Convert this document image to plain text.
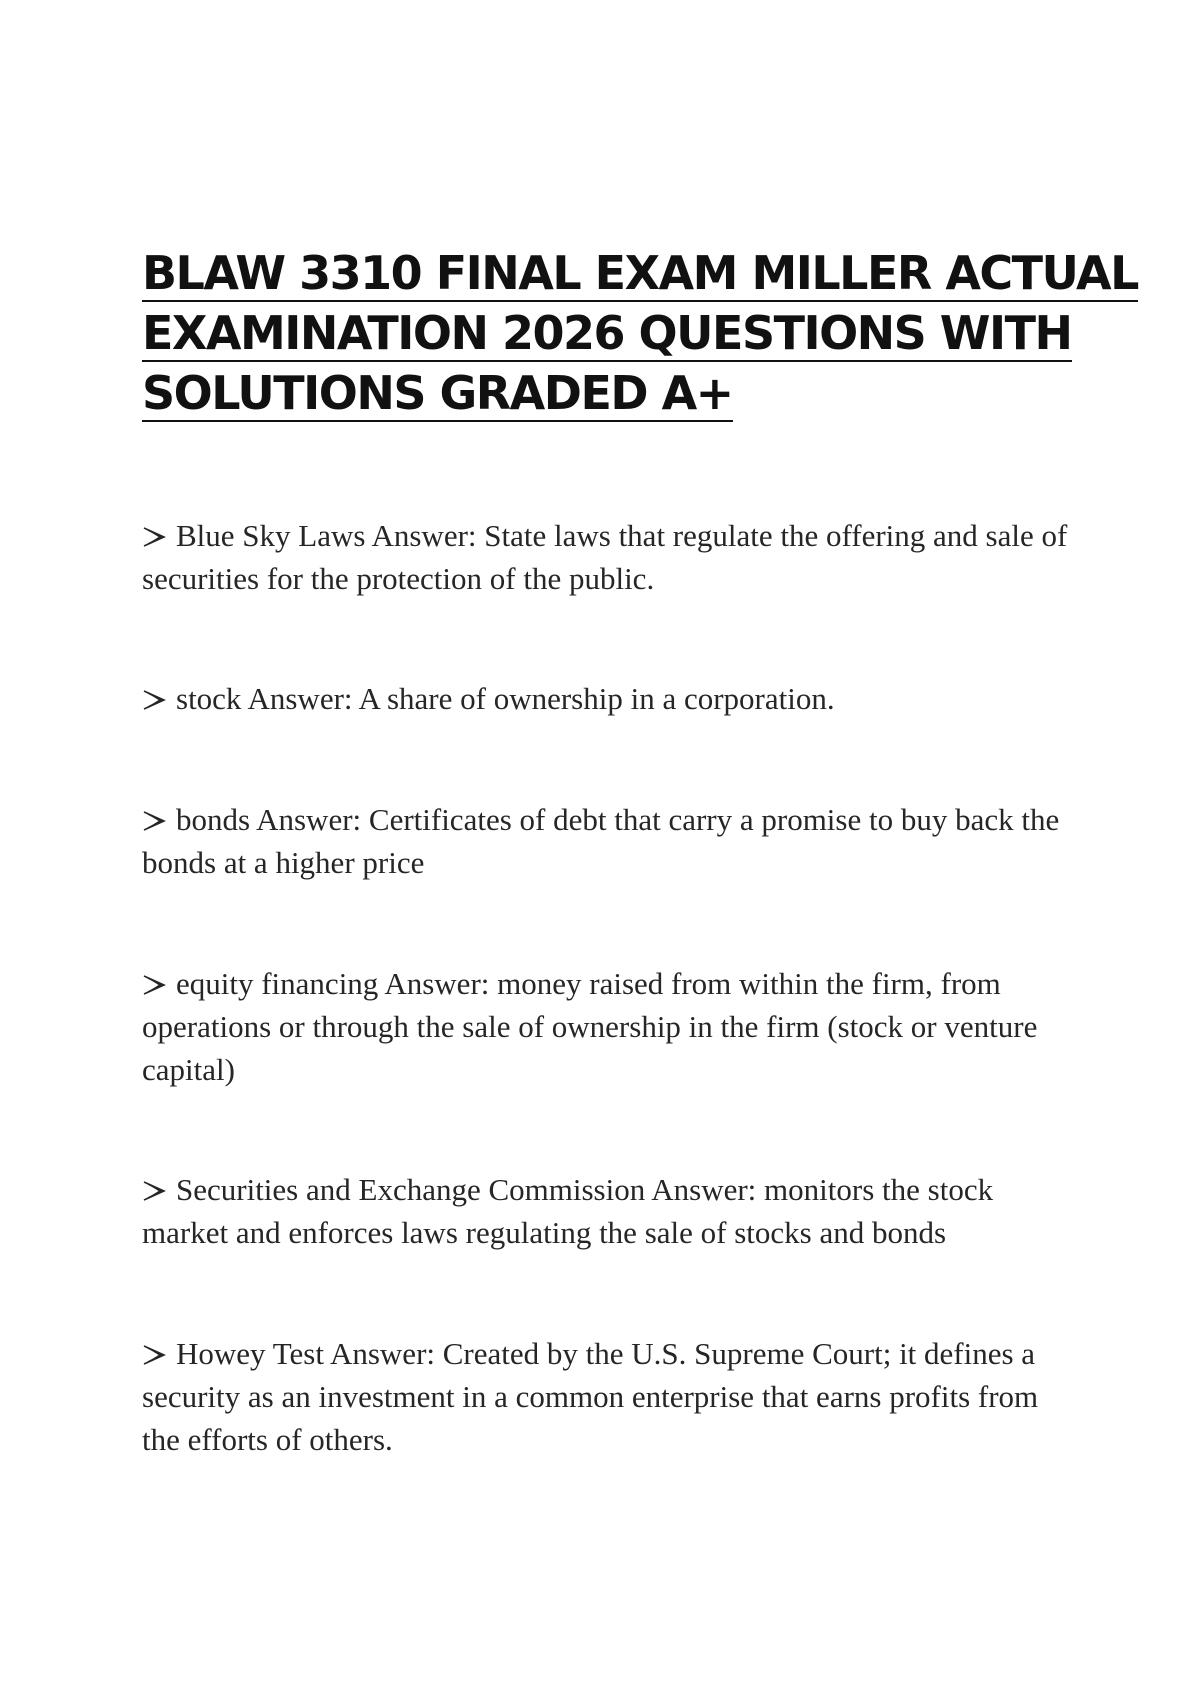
BLAW 3310 FINAL EXAM MILLER ACTUAL
EXAMINATION 2026 QUESTIONS WITH
SOLUTIONS GRADED A+
Blue Sky Laws Answer: State laws that regulate the offering and sale of securities for the protection of the public.
stock Answer: A share of ownership in a corporation.
bonds Answer: Certificates of debt that carry a promise to buy back the bonds at a higher price
equity financing Answer: money raised from within the firm, from operations or through the sale of ownership in the firm (stock or venture capital)
Securities and Exchange Commission Answer: monitors the stock market and enforces laws regulating the sale of stocks and bonds
Howey Test Answer: Created by the U.S. Supreme Court; it defines a security as an investment in a common enterprise that earns profits from the efforts of others.
